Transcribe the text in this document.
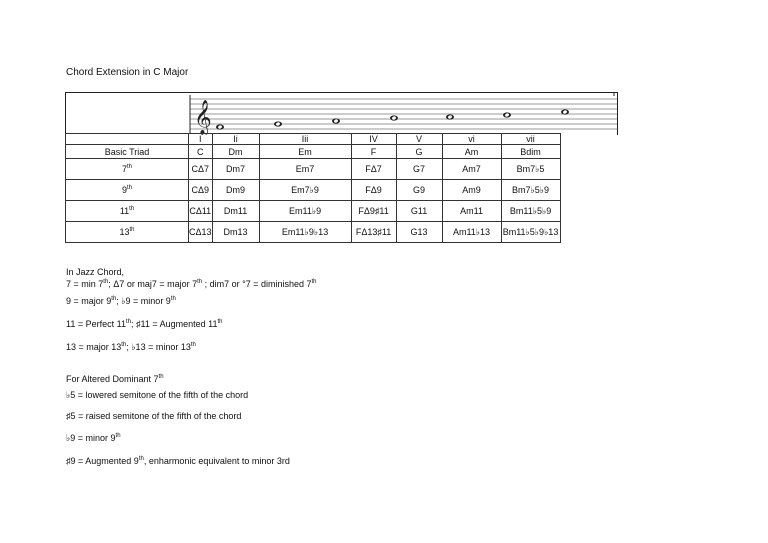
Chord Extension in C Major
𝄞
	I	Ii	Iii	IV	V	vi	vii
Basic Triad	C	Dm	Em	F	G	Am	Bdim
7th	CΔ7	Dm7	Em7	FΔ7	G7	Am7	Bm7♭5
9th	CΔ9	Dm9	Em7♭9	FΔ9	G9	Am9	Bm7♭5♭9
11th	CΔ11	Dm11	Em11♭9	FΔ9♯11	G11	Am11	Bm11♭5♭9
13th	CΔ13	Dm13	Em11♭9♭13	FΔ13♯11	G13	Am11♭13	Bm11♭5♭9♭13
In Jazz Chord,
7 = min 7th; Δ7 or maj7 = major 7th ; dim7 or °7 = diminished 7th
9 = major 9th; ♭9 = minor 9th
11 = Perfect 11th; ♯11 = Augmented 11th
13 = major 13th; ♭13 = minor 13th
For Altered Dominant 7th
♭5 = lowered semitone of the fifth of the chord
♯5 = raised semitone of the fifth of the chord
♭9 = minor 9th
♯9 = Augmented 9th, enharmonic equivalent to minor 3rd
